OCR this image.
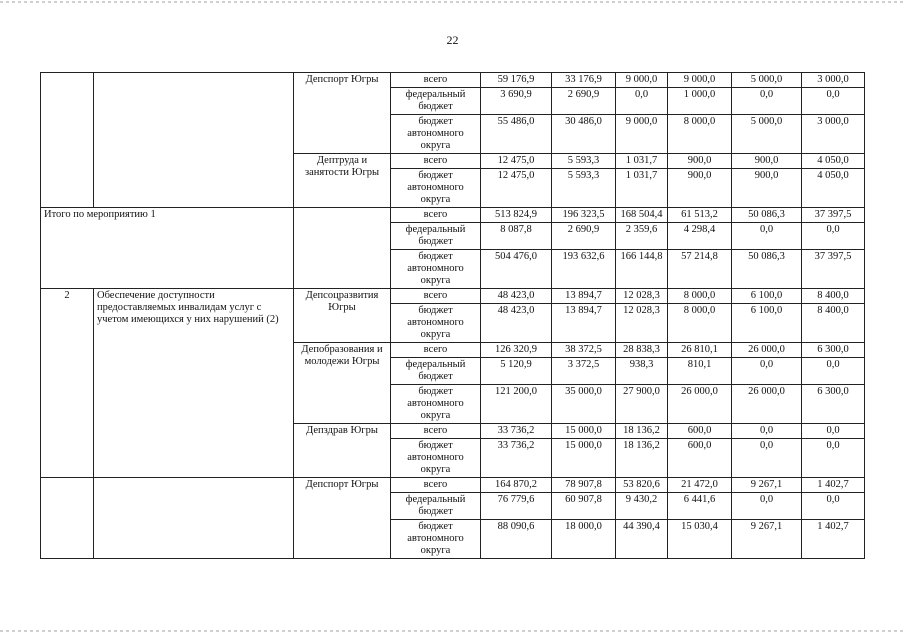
22
		Депспорт Югры	всего	59 176,9	33 176,9	9 000,0	9 000,0	5 000,0	3 000,0
			федеральный бюджет	3 690,9	2 690,9	0,0	1 000,0	0,0	0,0
			бюджет автономного округа	55 486,0	30 486,0	9 000,0	8 000,0	5 000,0	3 000,0
		Дептруда и занятости Югры	всего	12 475,0	5 593,3	1 031,7	900,0	900,0	4 050,0
			бюджет автономного округа	12 475,0	5 593,3	1 031,7	900,0	900,0	4 050,0
Итого по мероприятию 1			всего	513 824,9	196 323,5	168 504,4	61 513,2	50 086,3	37 397,5
			федеральный бюджет	8 087,8	2 690,9	2 359,6	4 298,4	0,0	0,0
			бюджет автономного округа	504 476,0	193 632,6	166 144,8	57 214,8	50 086,3	37 397,5
2	Обеспечение доступности предоставляемых инвалидам услуг с учетом имеющихся у них нарушений (2)	Депсоцразвития Югры	всего	48 423,0	13 894,7	12 028,3	8 000,0	6 100,0	8 400,0
			бюджет автономного округа	48 423,0	13 894,7	12 028,3	8 000,0	6 100,0	8 400,0
		Депобразования и молодежи Югры	всего	126 320,9	38 372,5	28 838,3	26 810,1	26 000,0	6 300,0
			федеральный бюджет	5 120,9	3 372,5	938,3	810,1	0,0	0,0
			бюджет автономного округа	121 200,0	35 000,0	27 900,0	26 000,0	26 000,0	6 300,0
		Депздрав Югры	всего	33 736,2	15 000,0	18 136,2	600,0	0,0	0,0
			бюджет автономного округа	33 736,2	15 000,0	18 136,2	600,0	0,0	0,0
		Депспорт Югры	всего	164 870,2	78 907,8	53 820,6	21 472,0	9 267,1	1 402,7
			федеральный бюджет	76 779,6	60 907,8	9 430,2	6 441,6	0,0	0,0
			бюджет автономного округа	88 090,6	18 000,0	44 390,4	15 030,4	9 267,1	1 402,7
